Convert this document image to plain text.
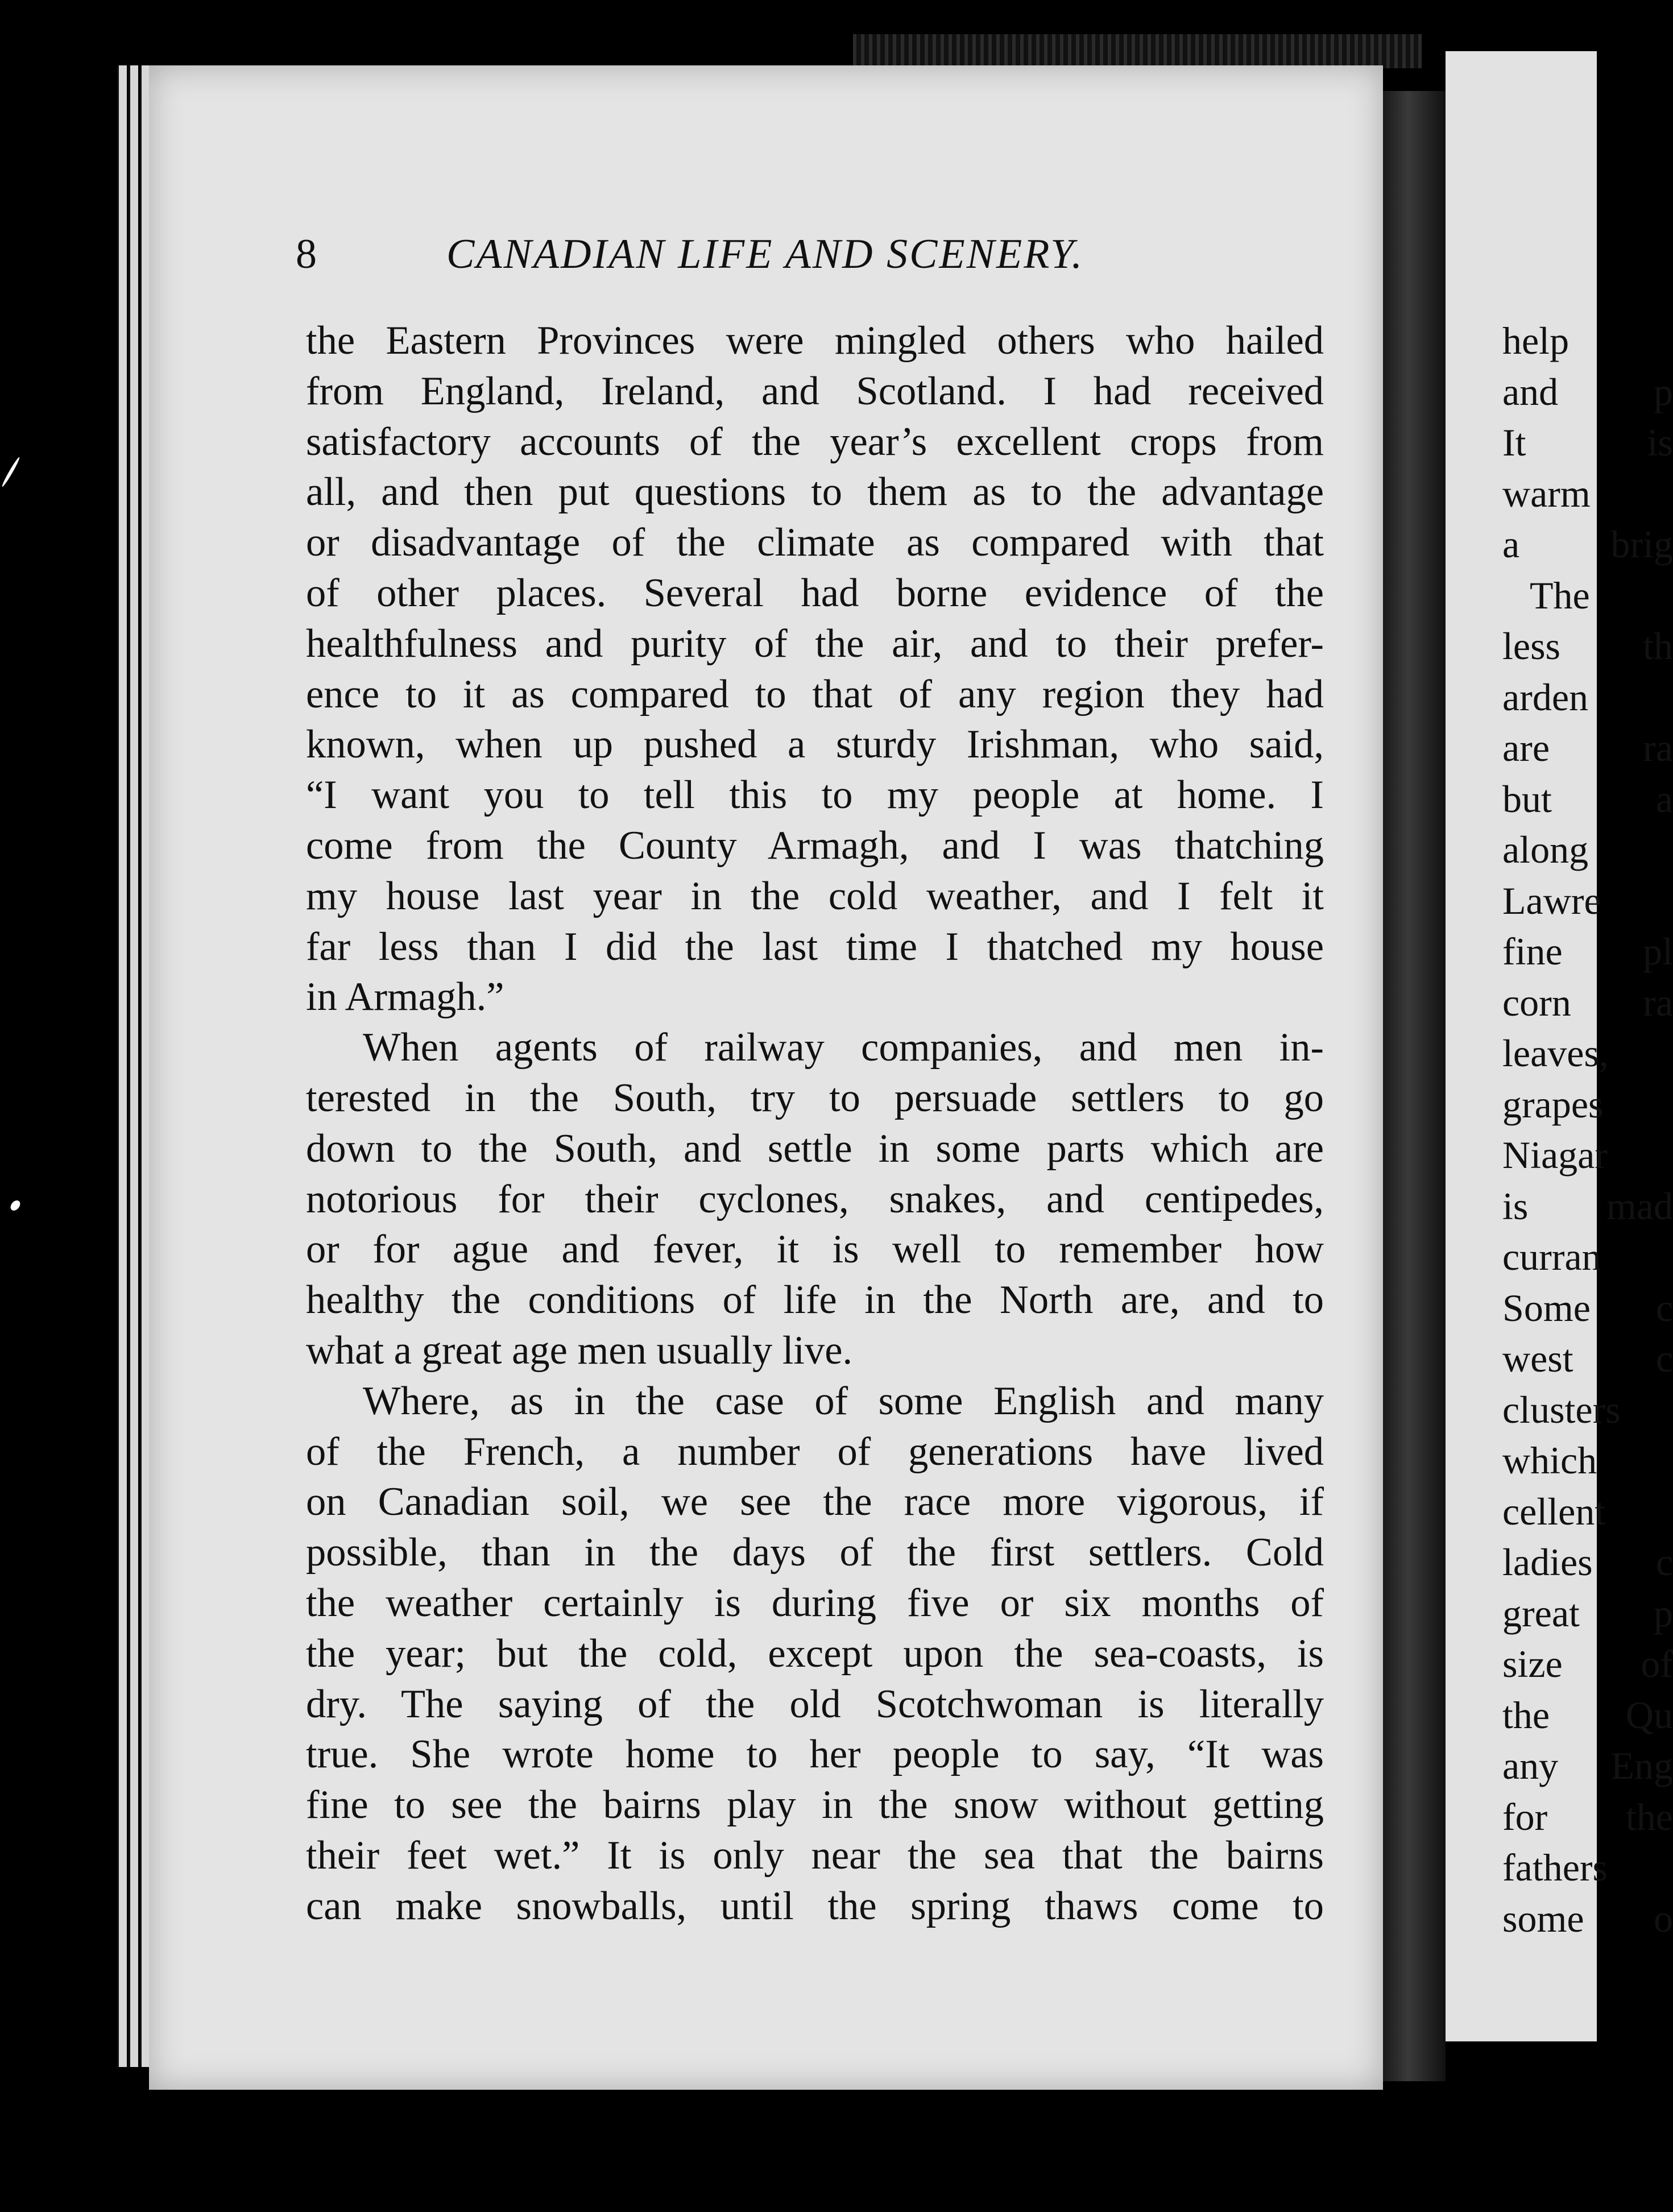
8	CANADIAN LIFE AND SCENERY.
the Eastern Provinces were mingled others who hailed
from England, Ireland, and Scotland. I had received
satisfactory accounts of the year’s excellent crops from
all, and then put questions to them as to the advantage
or disadvantage of the climate as compared with that
of other places. Several had borne evidence of the
healthfulness and purity of the air, and to their prefer-
ence to it as compared to that of any region they had
known, when up pushed a sturdy Irishman, who said,
“I want you to tell this to my people at home. I
come from the County Armagh, and I was thatching
my house last year in the cold weather, and I felt it
far less than I did the last time I thatched my house
in Armagh.”
When agents of railway companies, and men in-
terested in the South, try to persuade settlers to go
down to the South, and settle in some parts which are
notorious for their cyclones, snakes, and centipedes,
or for ague and fever, it is well to remember how
healthy the conditions of life in the North are, and to
what a great age men usually live.
Where, as in the case of some English and many
of the French, a number of generations have lived
on Canadian soil, we see the race more vigorous, if
possible, than in the days of the first settlers. Cold
the weather certainly is during five or six months of
the year; but the cold, except upon the sea-coasts, is
dry. The saying of the old Scotchwoman is literally
true. She wrote home to her people to say, “It was
fine to see the bairns play in the snow without getting
their feet wet.” It is only near the sea that the bairns
can make snowballs, until the spring thaws come to
help
and p
It is
warm
a brig
The
less th
arden
are ra
but a
along
Lawre
fine pl
corn ra
leaves,
grapes
Niagar
is mad
curran
Some c
west c
clusters
which
cellent
ladies c
great p
size of
the Qu
any Eng
for the
fathers
some o
